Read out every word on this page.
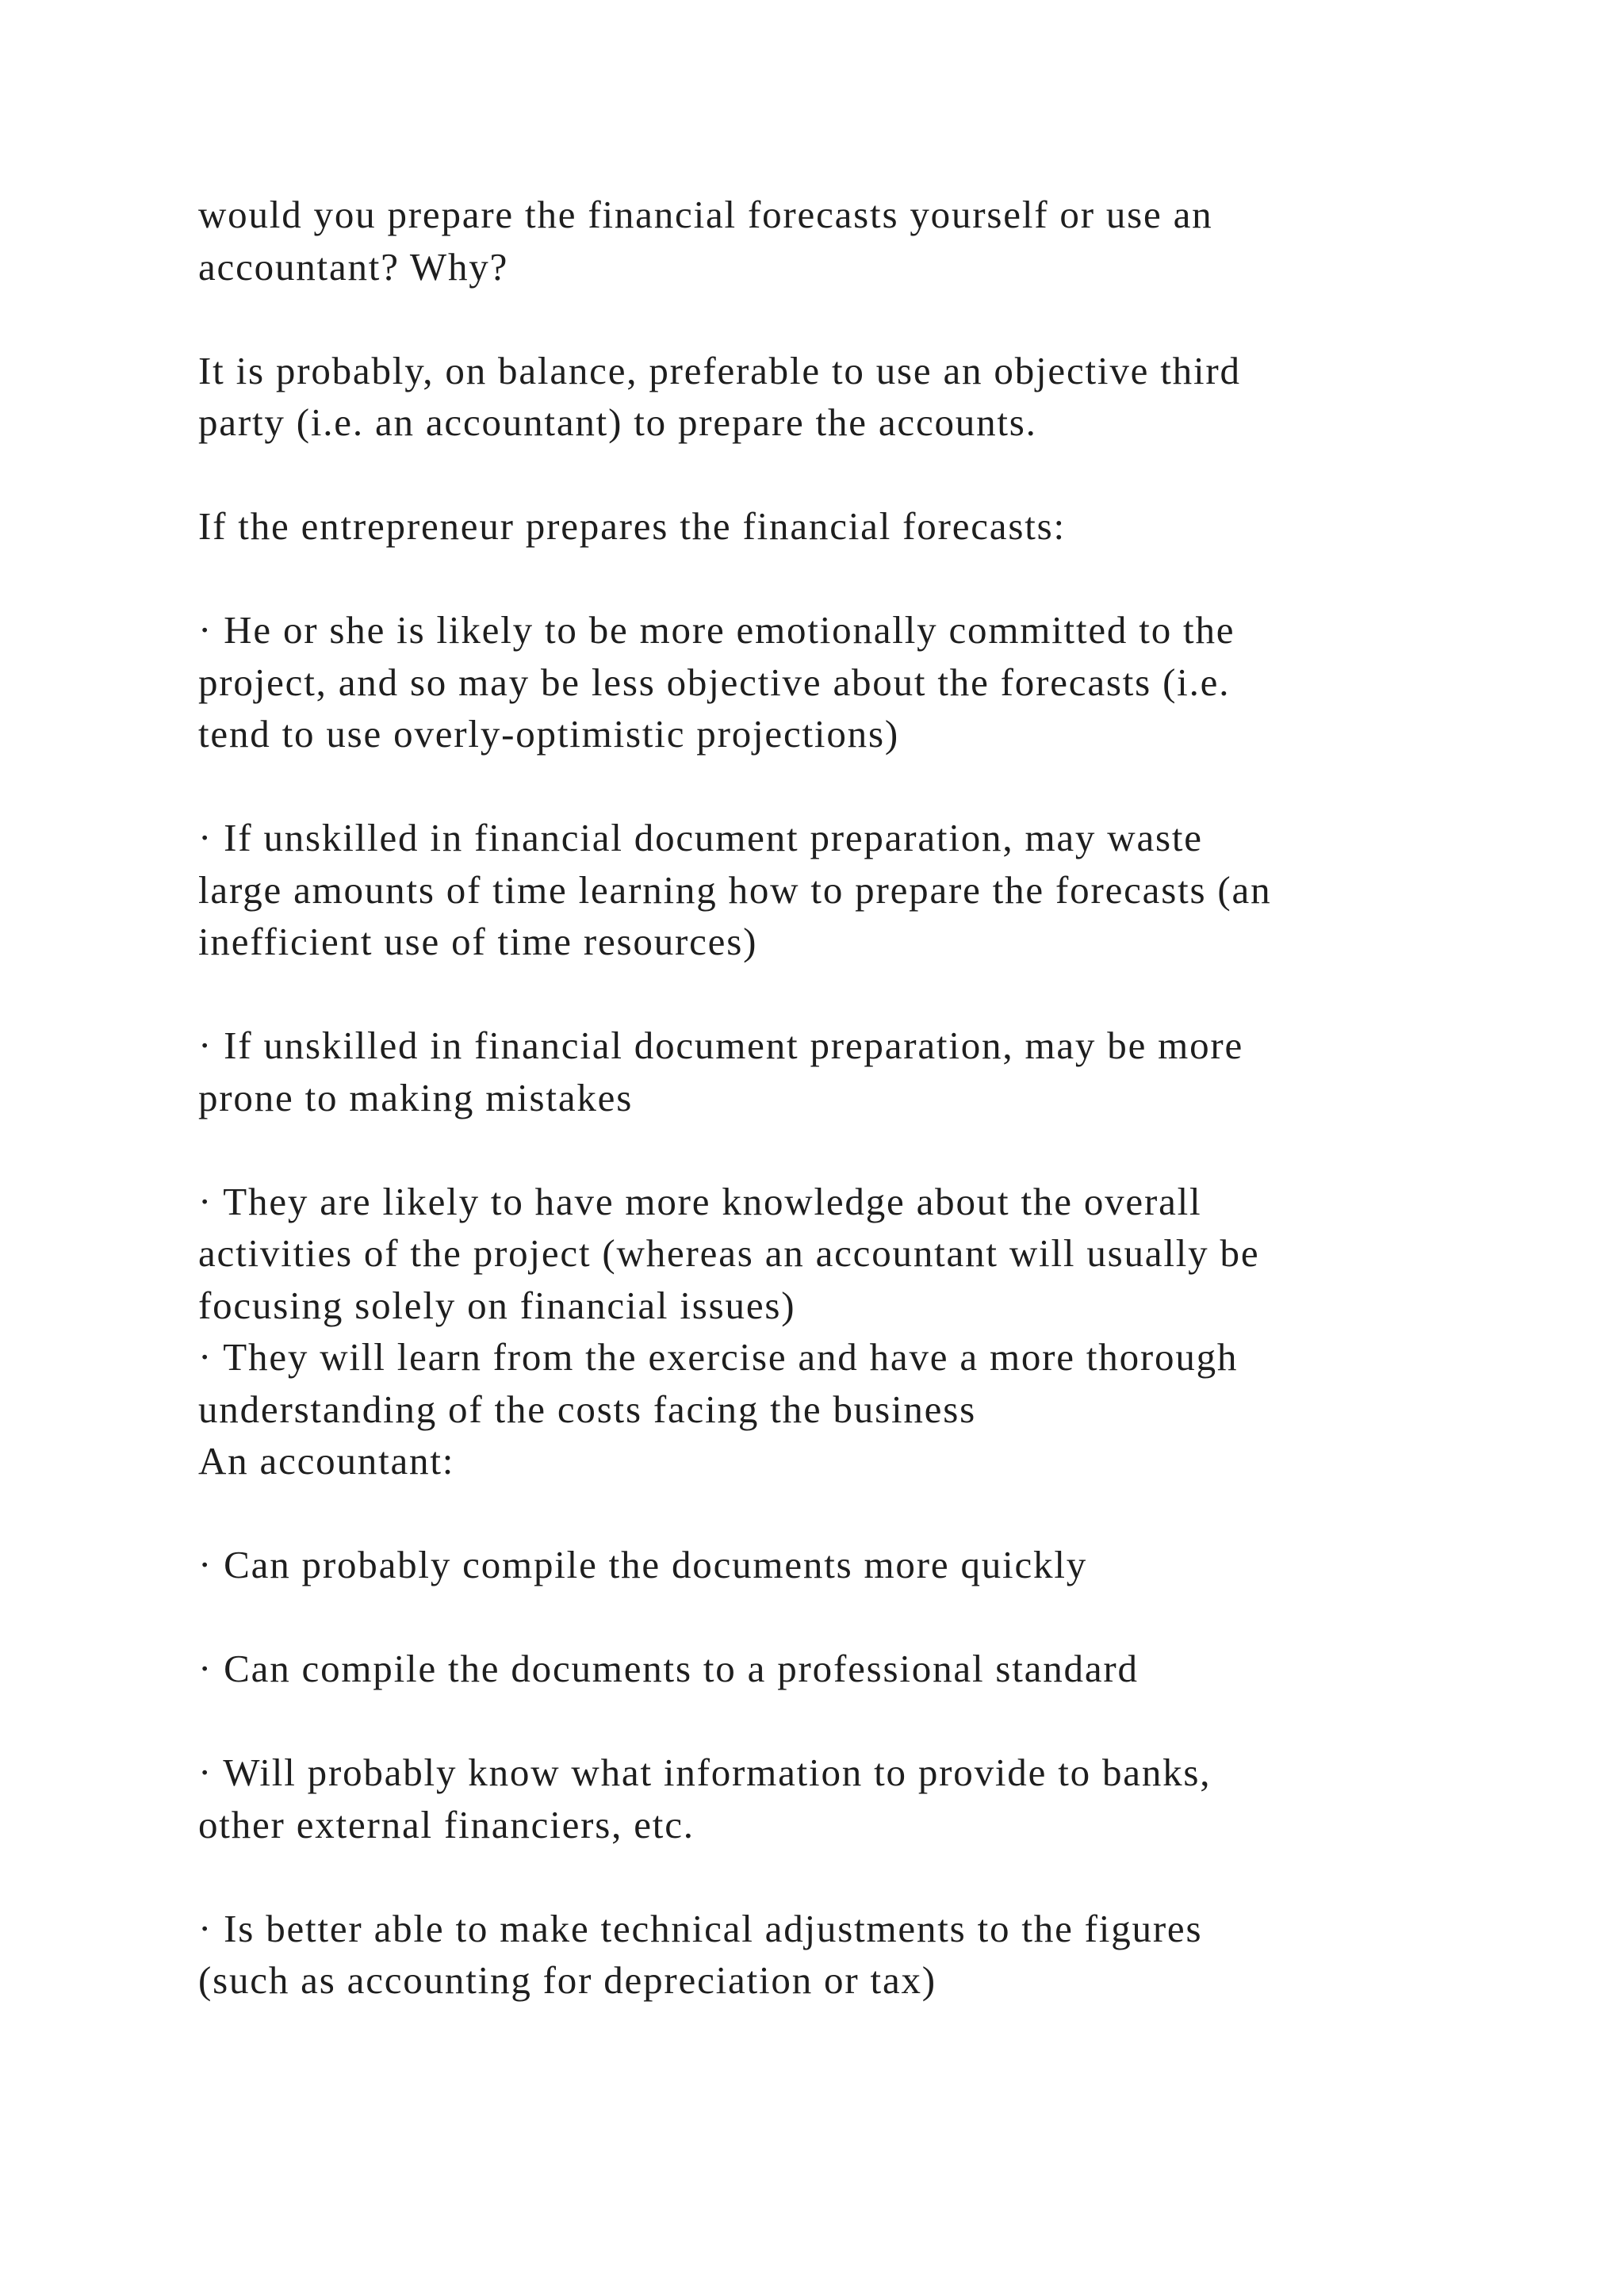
would you prepare the financial forecasts yourself or use an
accountant? Why?
It is probably, on balance, preferable to use an objective third
party (i.e. an accountant) to prepare the accounts.
If the entrepreneur prepares the financial forecasts:
· He or she is likely to be more emotionally committed to the
project, and so may be less objective about the forecasts (i.e.
tend to use overly-optimistic projections)
· If unskilled in financial document preparation, may waste
large amounts of time learning how to prepare the forecasts (an
inefficient use of time resources)
· If unskilled in financial document preparation, may be more
prone to making mistakes
· They are likely to have more knowledge about the overall
activities of the project (whereas an accountant will usually be
focusing solely on financial issues)
· They will learn from the exercise and have a more thorough
understanding of the costs facing the business
An accountant:
· Can probably compile the documents more quickly
· Can compile the documents to a professional standard
· Will probably know what information to provide to banks,
other external financiers, etc.
· Is better able to make technical adjustments to the figures
(such as accounting for depreciation or tax)
